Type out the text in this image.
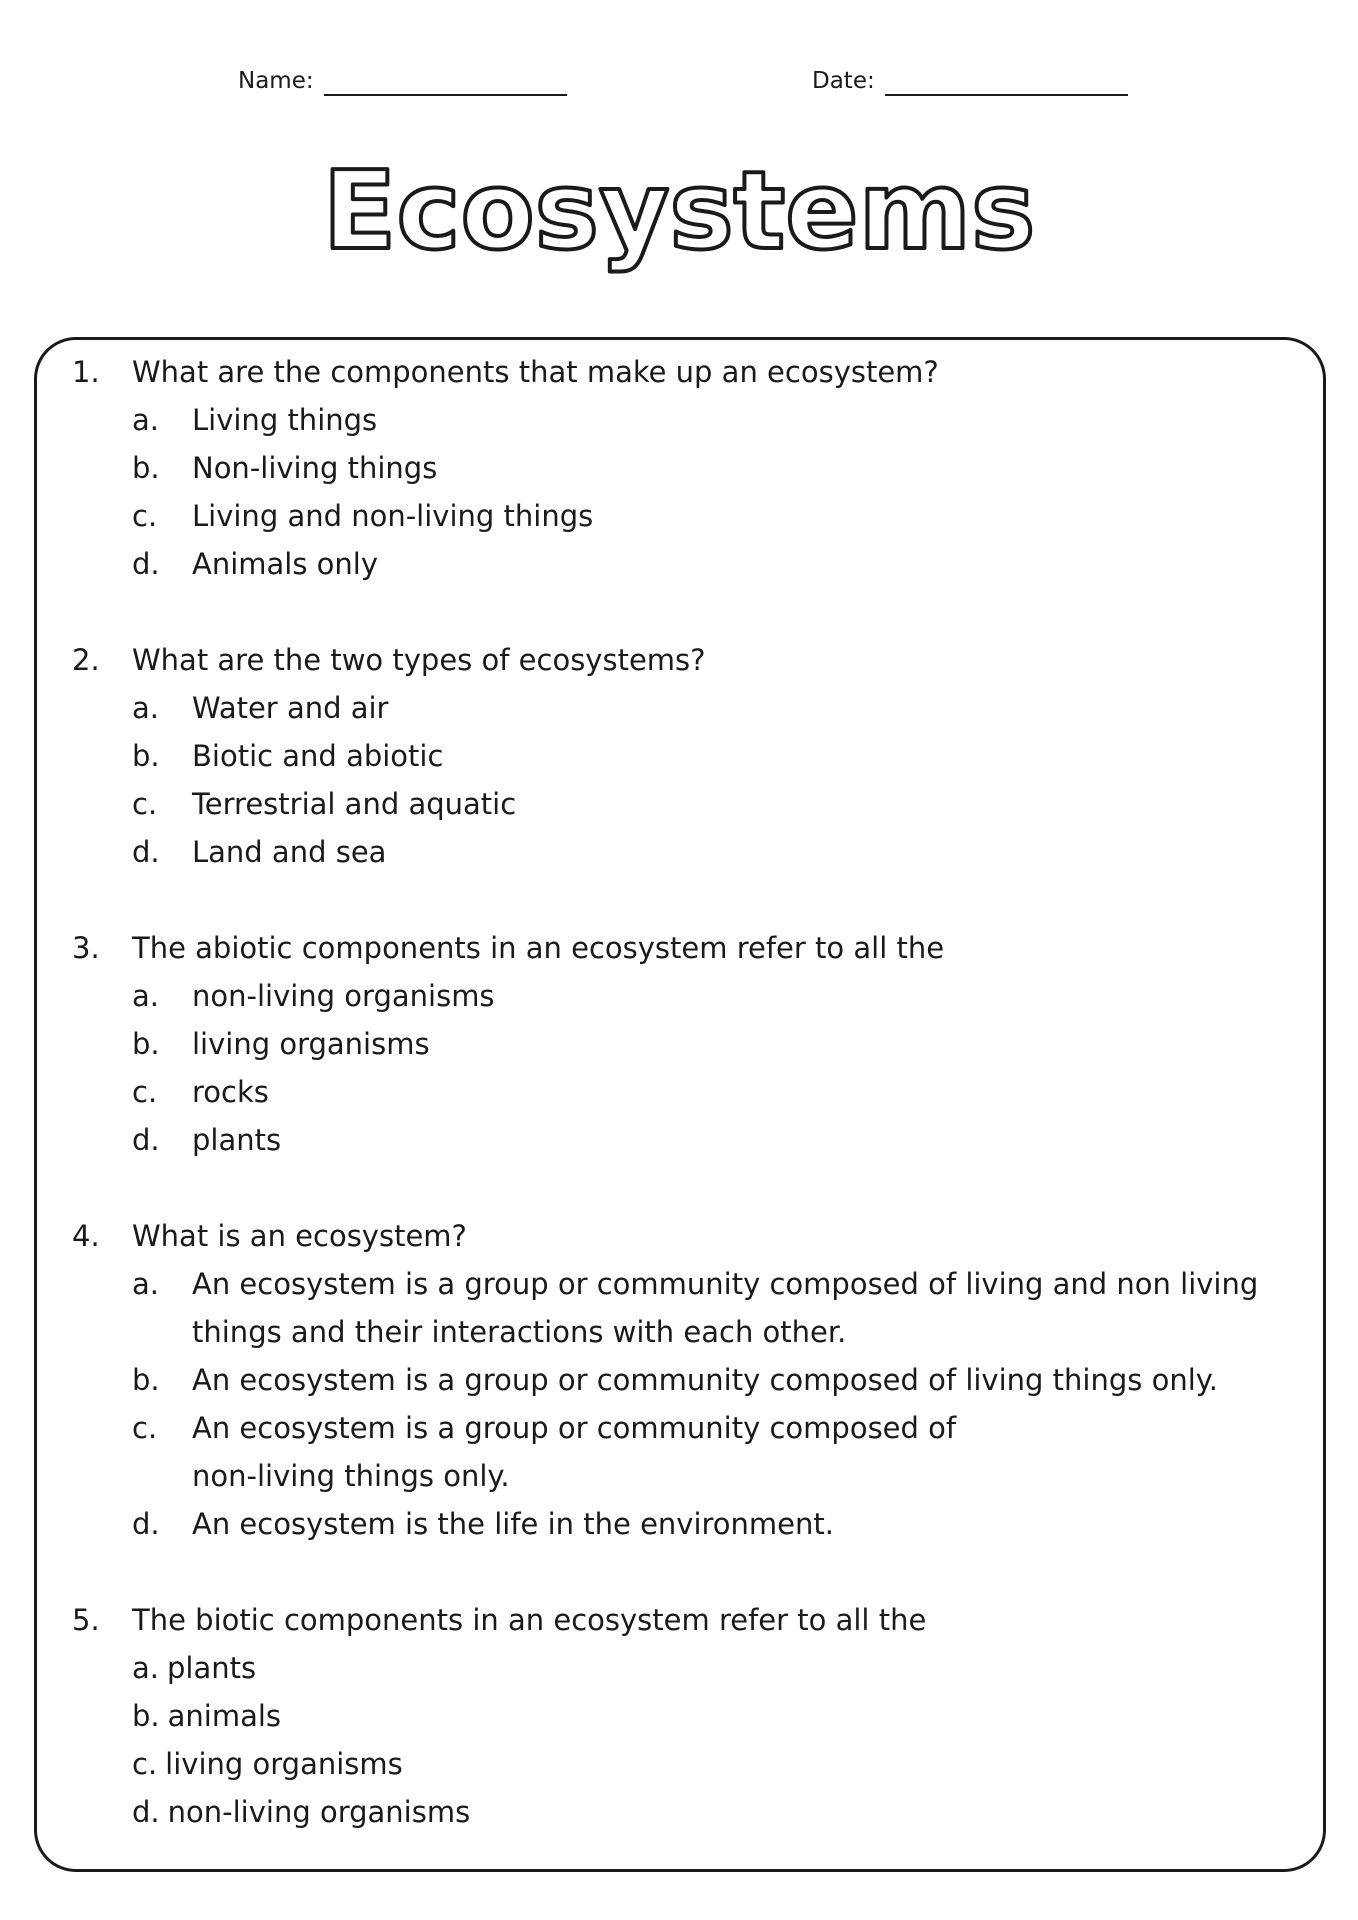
Name:	Date:
Ecosystems
1. What are the components that make up an ecosystem?
a. Living things
b. Non-living things
c. Living and non-living things
d. Animals only
2. What are the two types of ecosystems?
a. Water and air
b. Biotic and abiotic
c. Terrestrial and aquatic
d. Land and sea
3. The abiotic components in an ecosystem refer to all the
a. non-living organisms
b. living organisms
c. rocks
d. plants
4. What is an ecosystem?
a. An ecosystem is a group or community composed of living and non living
things and their interactions with each other.
b. An ecosystem is a group or community composed of living things only.
c. An ecosystem is a group or community composed of
non-living things only.
d. An ecosystem is the life in the environment.
5. The biotic components in an ecosystem refer to all the
a. plants
b. animals
c. living organisms
d. non-living organisms
